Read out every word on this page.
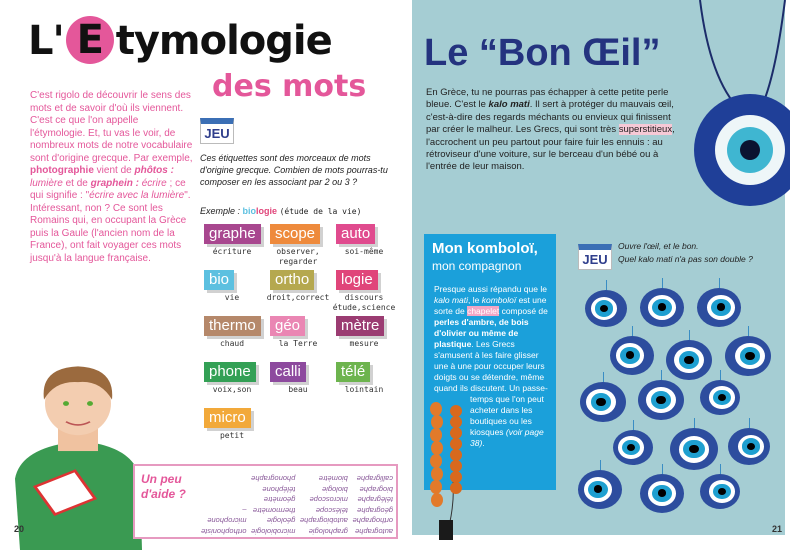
L' E tymologie
des mots
C'est rigolo de découvrir le sens des mots et de savoir d'où ils viennent. C'est ce que l'on appelle l'étymologie. Et, tu vas le voir, de nombreux mots de notre vocabulaire sont d'origine grecque. Par exemple, photographie vient de phôtos : lumière et de graphein : écrire ; ce qui signifie : "écrire avec la lumière". Intéressant, non ? Ce sont les Romains qui, en occupant la Grèce puis la Gaule (l'ancien nom de la France), ont fait voyager ces mots jusqu'à la langue française.
JEU
Ces étiquettes sont des morceaux de mots d'origine grecque. Combien de mots pourras-tu composer en les associant par 2 ou 3 ?
Exemple : biologie (étude de la vie)
graphe
écriture
scope
observer, regarder
auto
soi-même
bio
vie
ortho
droit,correct
logie
discours étude,science
thermo
chaud
géo
la Terre
mètre
mesure
phone
voix,son
calli
beau
télé
lointain
micro
petit
Un peu d'aide ?
autographe
orthographe
géographe
télégraphe
biographe
calligraphe
graphologie
autobiographe
téléscope
microscope
biologie
biomètre
microbiologie
géologie
thermomètre
géomètre
téléphone
phonographe
orthophoniste
microphone
–
20
Le “Bon Œil”
En Grèce, tu ne pourras pas échapper à cette petite perle bleue. C'est le kalo mati. Il sert à protéger du mauvais œil, c'est-à-dire des regards méchants ou envieux qui finissent par créer le malheur. Les Grecs, qui sont très superstitieux, l'accrochent un peu partout pour faire fuir les ennuis : au rétroviseur d'une voiture, sur le berceau d'un bébé ou à l'entrée de leur maison.
Mon komboloï,
mon compagnon
Presque aussi répandu que le kalo mati, le komboloï est une sorte de chapelet composé de perles d'ambre, de bois d'olivier ou même de plastique. Les Grecs s'amusent à les faire glisser une à une pour occuper leurs doigts ou se détendre, même quand ils discutent. Un passe-temps que l'on peut acheter dans les boutiques ou les kiosques (voir page 38).
JEU
Ouvre l'œil, et le bon.
Quel kalo mati n'a pas son double ?
21
